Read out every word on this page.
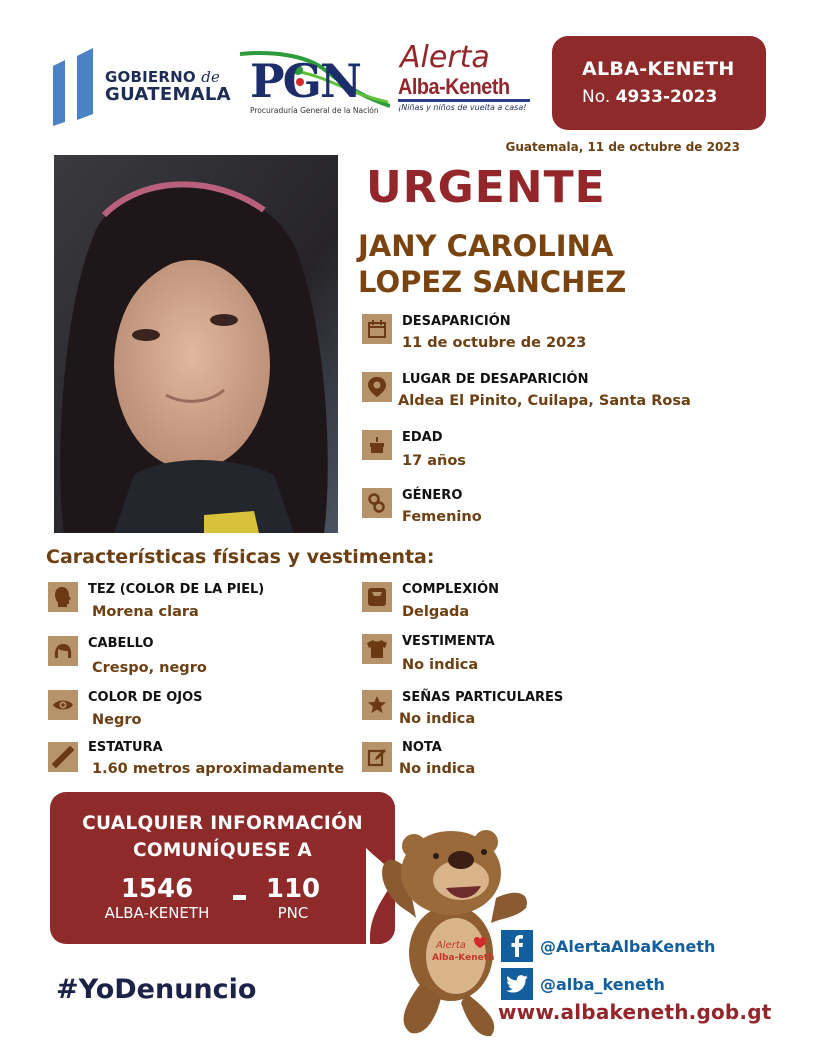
GOBIERNO de
GUATEMALA PGN
Procuraduría General de la Nación
Alerta
Alba-Keneth
¡Niñas y niños de vuelta a casa!
ALBA-KENETH
No. 4933-2023
Guatemala, 11 de octubre de 2023
URGENTE
JANY CAROLINA
LOPEZ SANCHEZ
DESAPARICIÓN
11 de octubre de 2023
LUGAR DE DESAPARICIÓN
Aldea El Pinito, Cuilapa, Santa Rosa
EDAD
17 años
GÉNERO
Femenino
Características físicas y vestimenta:
TEZ (COLOR DE LA PIEL)
Morena clara
CABELLO
Crespo, negro
COLOR DE OJOS
Negro
ESTATURA
1.60 metros aproximadamente
COMPLEXIÓN
Delgada
VESTIMENTA
No indica
SEÑAS PARTICULARES
No indica
NOTA
No indica
CUALQUIER INFORMACIÓN
COMUNÍQUESE A
1546
ALBA-KENETH
110
PNC
Alerta
Alba-Keneth
@AlertaAlbaKeneth
@alba_keneth
www.albakeneth.gob.gt
#YoDenuncio
